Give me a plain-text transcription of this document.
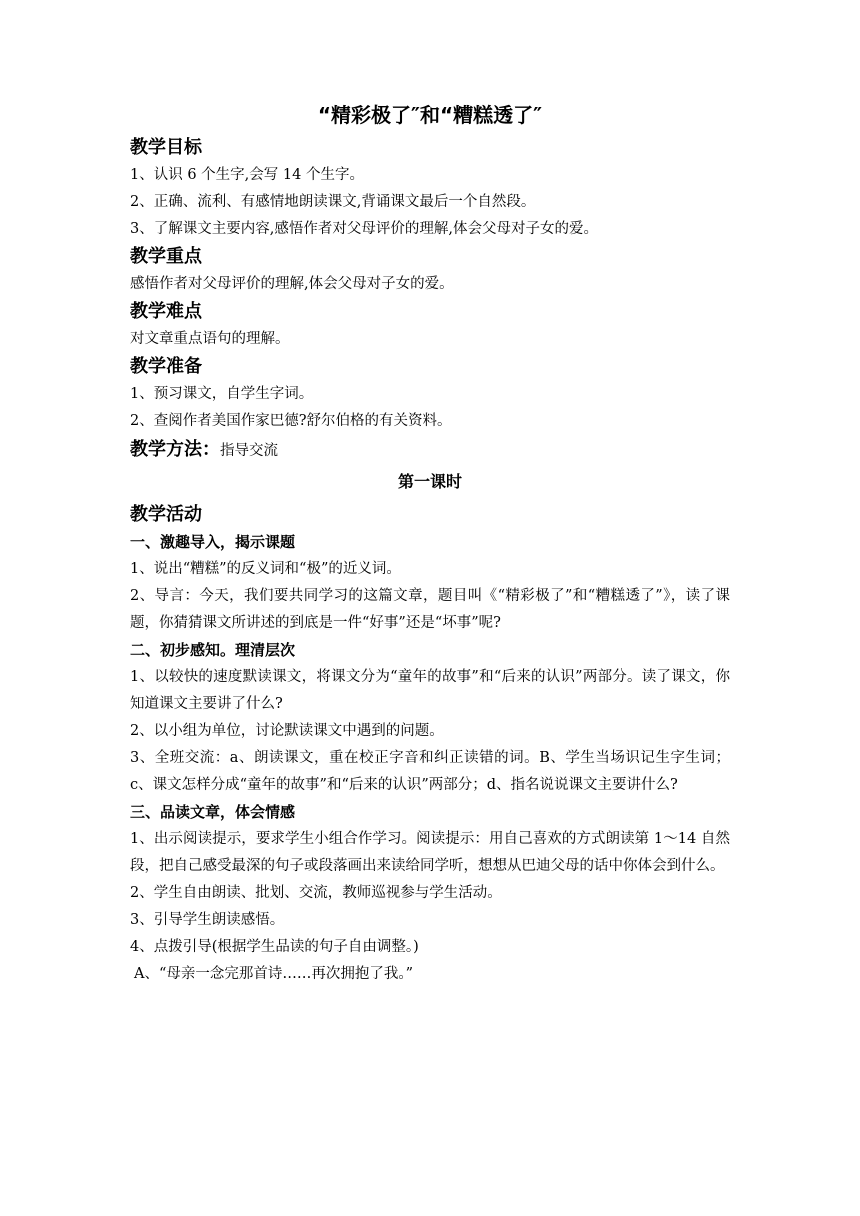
“精彩极了″和“糟糕透了″
教学目标
1、认识 6 个生字,会写 14 个生字。
2、正确、流利、有感情地朗读课文,背诵课文最后一个自然段。
3、了解课文主要内容,感悟作者对父母评价的理解,体会父母对子女的爱。
教学重点
感悟作者对父母评价的理解,体会父母对子女的爱。
教学难点
对文章重点语句的理解。
教学准备
1、预习课文，自学生字词。
2、查阅作者美国作家巴德?舒尔伯格的有关资料。
教学方法：指导交流
第一课时
教学活动
一、激趣导入，揭示课题
1、说出“糟糕”的反义词和“极”的近义词。
2、导言：今天，我们要共同学习的这篇文章，题目叫《“精彩极了”和“糟糕透了”》，读了课题，你猜猜课文所讲述的到底是一件“好事”还是“坏事”呢?
二、初步感知。理清层次
1、以较快的速度默读课文，将课文分为“童年的故事”和“后来的认识”两部分。读了课文，你知道课文主要讲了什么?
2、以小组为单位，讨论默读课文中遇到的问题。
3、全班交流：a、朗读课文，重在校正字音和纠正读错的词。B、学生当场识记生字生词；c、课文怎样分成“童年的故事”和“后来的认识”两部分；d、指名说说课文主要讲什么?
三、品读文章，体会情感
1、出示阅读提示，要求学生小组合作学习。阅读提示：用自己喜欢的方式朗读第 1～14 自然段，把自己感受最深的句子或段落画出来读给同学听，想想从巴迪父母的话中你体会到什么。
2、学生自由朗读、批划、交流，教师巡视参与学生活动。
3、引导学生朗读感悟。
4、点拨引导(根据学生品读的句子自由调整。)
A、“母亲一念完那首诗……再次拥抱了我。”
